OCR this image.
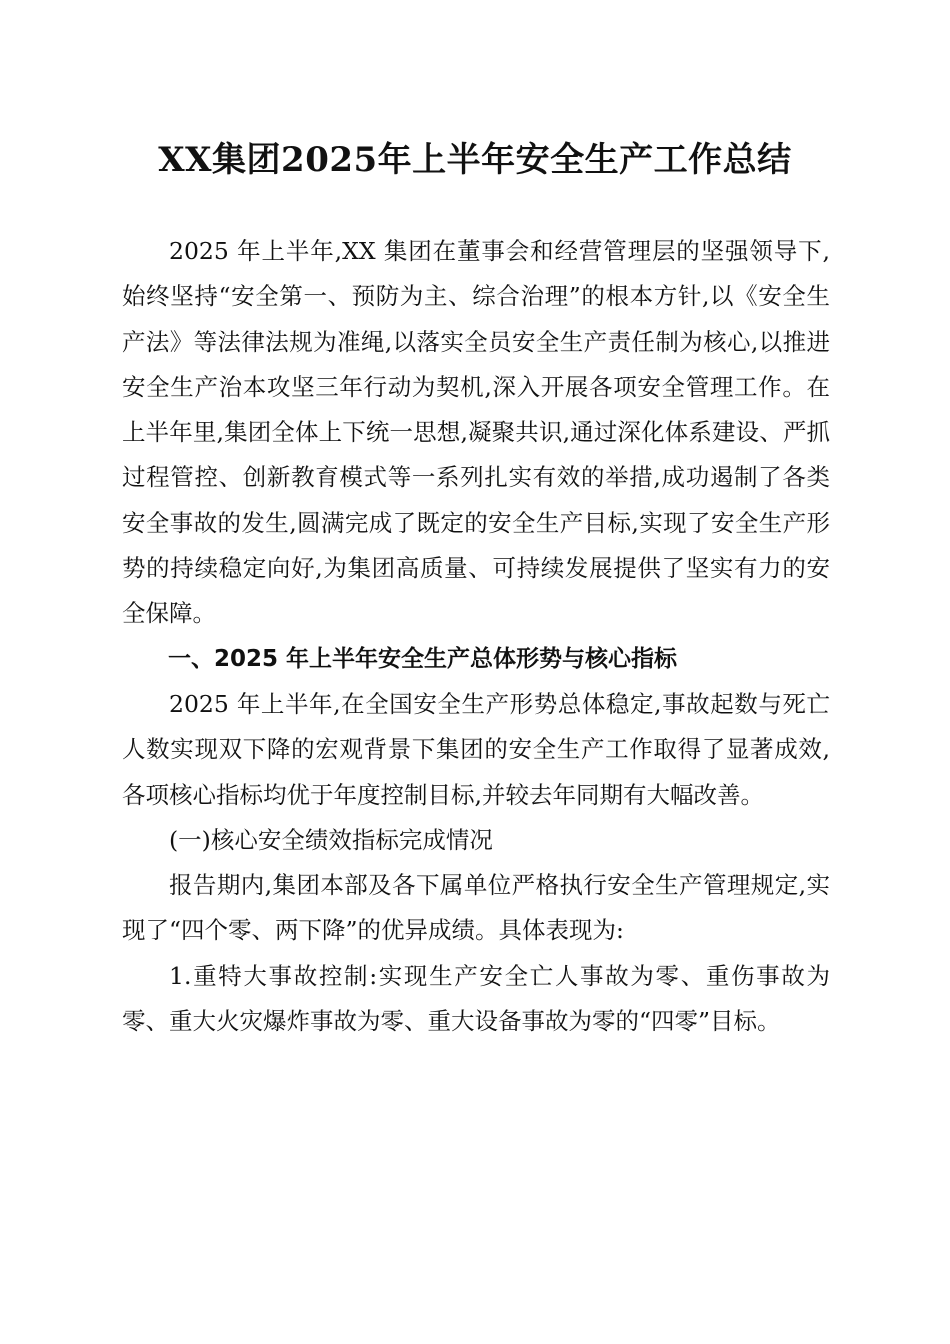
XX集团2025年上半年安全生产工作总结

2025 年上半年,XX 集团在董事会和经营管理层的坚强领导下,始终坚持“安全第一、预防为主、综合治理”的根本方针,以《安全生产法》等法律法规为准绳,以落实全员安全生产责任制为核心,以推进安全生产治本攻坚三年行动为契机,深入开展各项安全管理工作。在上半年里,集团全体上下统一思想,凝聚共识,通过深化体系建设、严抓过程管控、创新教育模式等一系列扎实有效的举措,成功遏制了各类安全事故的发生,圆满完成了既定的安全生产目标,实现了安全生产形势的持续稳定向好,为集团高质量、可持续发展提供了坚实有力的安全保障。

一、2025 年上半年安全生产总体形势与核心指标

2025 年上半年,在全国安全生产形势总体稳定,事故起数与死亡人数实现双下降的宏观背景下集团的安全生产工作取得了显著成效,各项核心指标均优于年度控制目标,并较去年同期有大幅改善。

(一)核心安全绩效指标完成情况

报告期内,集团本部及各下属单位严格执行安全生产管理规定,实现了“四个零、两下降”的优异成绩。具体表现为:

1.重特大事故控制:实现生产安全亡人事故为零、重伤事故为零、重大火灾爆炸事故为零、重大设备事故为零的“四零”目标。
